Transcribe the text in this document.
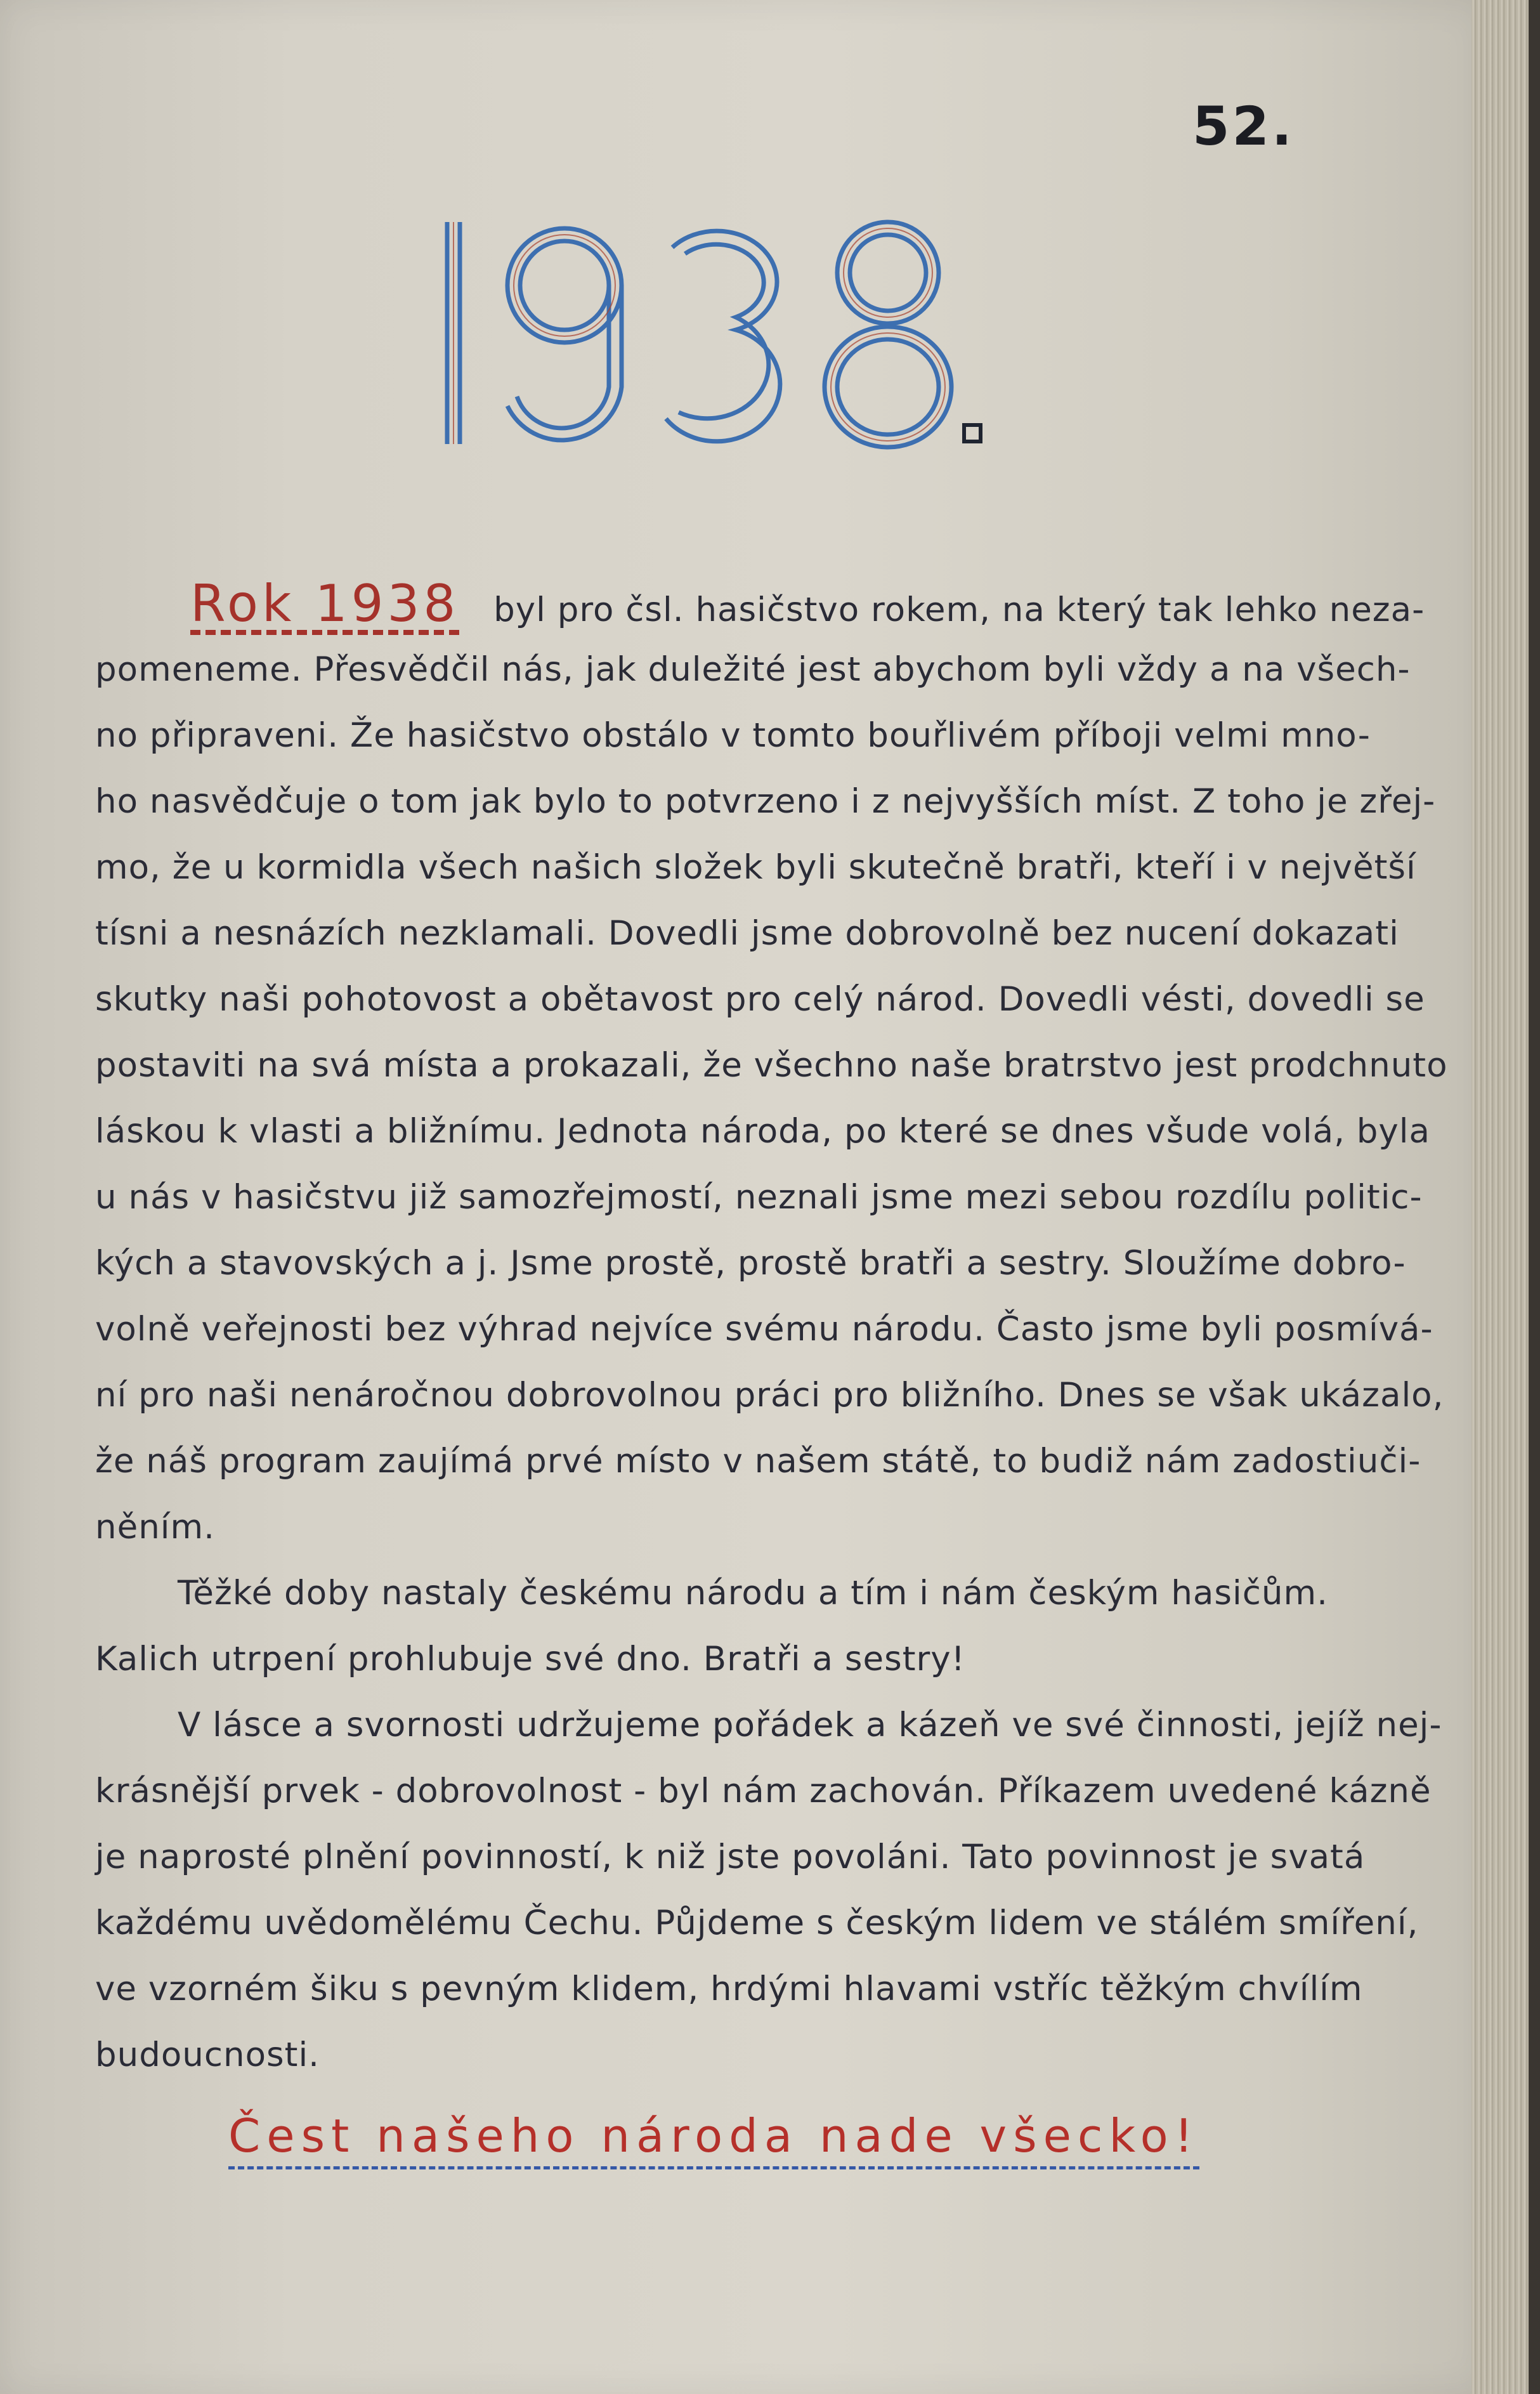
52.
Rok 1938 byl pro čsl. hasičstvo rokem, na který tak lehko neza-
pomeneme. Přesvědčil nás, jak duležité jest abychom byli vždy a na všech-
no připraveni. Že hasičstvo obstálo v tomto bouřlivém příboji velmi mno-
ho nasvědčuje o tom jak bylo to potvrzeno i z nejvyšších míst. Z toho je zřej-
mo, že u kormidla všech našich složek byli skutečně bratři, kteří i v největší
tísni a nesnázích nezklamali. Dovedli jsme dobrovolně bez nucení dokazati
skutky naši pohotovost a obětavost pro celý národ. Dovedli vésti, dovedli se
postaviti na svá místa a prokazali, že všechno naše bratrstvo jest prodchnuto
láskou k vlasti a bližnímu. Jednota národa, po které se dnes všude volá, byla
u nás v hasičstvu již samozřejmostí, neznali jsme mezi sebou rozdílu politic-
kých a stavovských a j. Jsme prostě, prostě bratři a sestry. Sloužíme dobro-
volně veřejnosti bez výhrad nejvíce svému národu. Často jsme byli posmívá-
ní pro naši nenáročnou dobrovolnou práci pro bližního. Dnes se však ukázalo,
že náš program zaujímá prvé místo v našem státě, to budiž nám zadostiuči-
něním.
Těžké doby nastaly českému národu a tím i nám českým hasičům.
Kalich utrpení prohlubuje své dno. Bratři a sestry!
V lásce a svornosti udržujeme pořádek a kázeň ve své činnosti, jejíž nej-
krásnější prvek - dobrovolnost - byl nám zachován. Příkazem uvedené kázně
je naprosté plnění povinností, k niž jste povoláni. Tato povinnost je svatá
každému uvědomělému Čechu. Půjdeme s českým lidem ve stálém smíření,
ve vzorném šiku s pevným klidem, hrdými hlavami vstříc těžkým chvílím
budoucnosti.
Čest našeho národa nade všecko!
